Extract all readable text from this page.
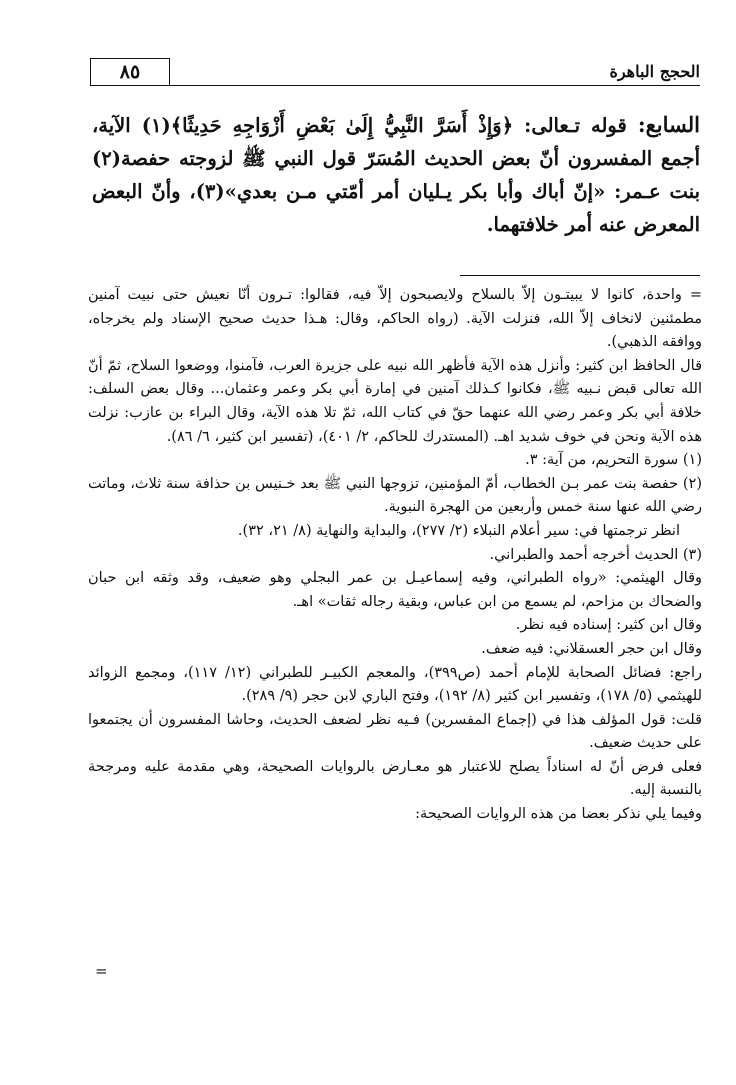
٨٥	الحجج الباهرة

السابع: قوله تـعالى: ﴿وَإِذْ أَسَرَّ النَّبِيُّ إِلَىٰ بَعْضِ أَزْوَاجِهِ حَدِيثًا﴾(١) الآية، أجمع المفسرون أنّ بعض الحديث المُسَرّ قول النبي ﷺ لزوجته حفصة(٢) بنت عـمر: «إنّ أباك وأبا بكر يـليان أمر أمّتي مـن بعدي»(٣)، وأنّ البعض المعرض عنه أمر خلافتهما.

= واحدة، كانوا لا يبيتـون إلاّ بالسلاح ولايصبحون إلاّ فيه، فقالوا: تـرون أنّا نعيش حتى نبيت آمنين مطمئنين لانخاف إلاّ الله، فنزلت الآية. (رواه الحاكم، وقال: هـذا حديث صحيح الإسناد ولم يخرجاه، ووافقه الذهبي).

قال الحافظ ابن كثير: وأنزل هذه الآية فأظهر الله نبيه على جزيرة العرب، فآمنوا، ووضعوا السلاح، ثمّ أنّ الله تعالى قبض نـبيه ﷺ، فكانوا كـذلك آمنين في إمارة أبي بكر وعمر وعثمان... وقال بعض السلف: خلافة أبي بكر وعمر رضي الله عنهما حقّ في كتاب الله، ثمّ تلا هذه الآية، وقال البراء بن عازب: نزلت هذه الآية ونحن في خوف شديد اهـ. (المستدرك للحاكم، ٢/ ٤٠١)، (تفسير ابن كثير، ٦/ ٨٦).

(١) سورة التحريم، من آية: ٣.

(٢) حفصة بنت عمر بـن الخطاب، أمّ المؤمنين، تزوجها النبي ﷺ بعد خـنيس بن حذافة سنة ثلاث، وماتت رضي الله عنها سنة خمس وأربعين من الهجرة النبوية.

انظر ترجمتها في: سير أعلام النبلاء (٢/ ٢٧٧)، والبداية والنهاية (٨/ ٢١، ٣٢).

(٣) الحديث أخرجه أحمد والطبراني.

وقال الهيثمي: «رواه الطبراني، وفيه إسماعيـل بن عمر البجلي وهو ضعيف، وقد وثقه ابن حبان والضحاك بن مزاحم، لم يسمع من ابن عباس، وبقية رجاله ثقات» اهـ.

وقال ابن كثير: إسناده فيه نظر.

وقال ابن حجر العسقلاني: فيه ضعف.

راجع: فضائل الصحابة للإمام أحمد (ص٣٩٩)، والمعجم الكبيـر للطبراني (١٢/ ١١٧)، ومجمع الزوائد للهيثمي (٥/ ١٧٨)، وتفسير ابن كثير (٨/ ١٩٢)، وفتح الباري لابن حجر (٩/ ٢٨٩).

قلت: قول المؤلف هذا في (إجماع المفسرين) فـيه نظر لضعف الحديث، وحاشا المفسرون أن يجتمعوا على حديث ضعيف.

فعلى فرض أنّ له اسناداً يصلح للاعتبار هو معـارض بالروايات الصحيحة، وهي مقدمة عليه ومرجحة بالنسبة إليه.

وفيما يلي نذكر بعضا من هذه الروايات الصحيحة:

=
